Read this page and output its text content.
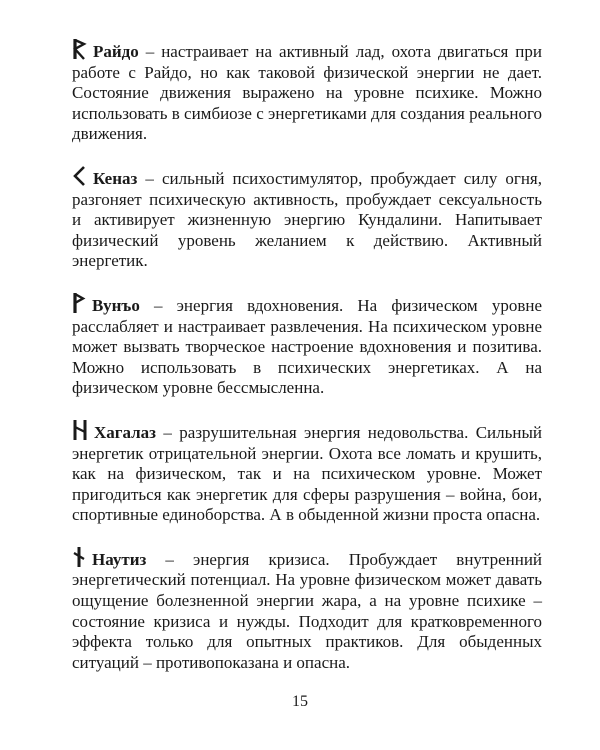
Райдо – настраивает на активный лад, охота двигаться при работе с Райдо, но как таковой физической энергии не дает. Состояние движения выражено на уровне психике. Можно использовать в симбиозе с энергетиками для создания реального движения.

Кеназ – сильный психостимулятор, пробуждает силу огня, разгоняет психическую активность, пробуждает сексуальность и активирует жизненную энергию Кундалини. Напитывает физический уровень желанием к действию. Активный энергетик.

Вунъо – энергия вдохновения. На физическом уровне расслабляет и настраивает развлечения. На психическом уровне может вызвать творческое настроение вдохновения и позитива. Можно использовать в психических энергетиках. А на физическом уровне бессмысленна.

Хагалаз – разрушительная энергия недовольства. Сильный энергетик отрицательной энергии. Охота все ломать и крушить, как на физическом, так и на психическом уровне. Может пригодиться как энергетик для сферы разрушения – война, бои, спортивные единоборства. А в обыденной жизни проста опасна.

Наутиз – энергия кризиса. Пробуждает внутренний энергетический потенциал. На уровне физическом может давать ощущение болезненной энергии жара, а на уровне психике – состояние кризиса и нужды. Подходит для кратковременного эффекта только для опытных практиков. Для обыденных ситуаций – противопоказана и опасна.

15
